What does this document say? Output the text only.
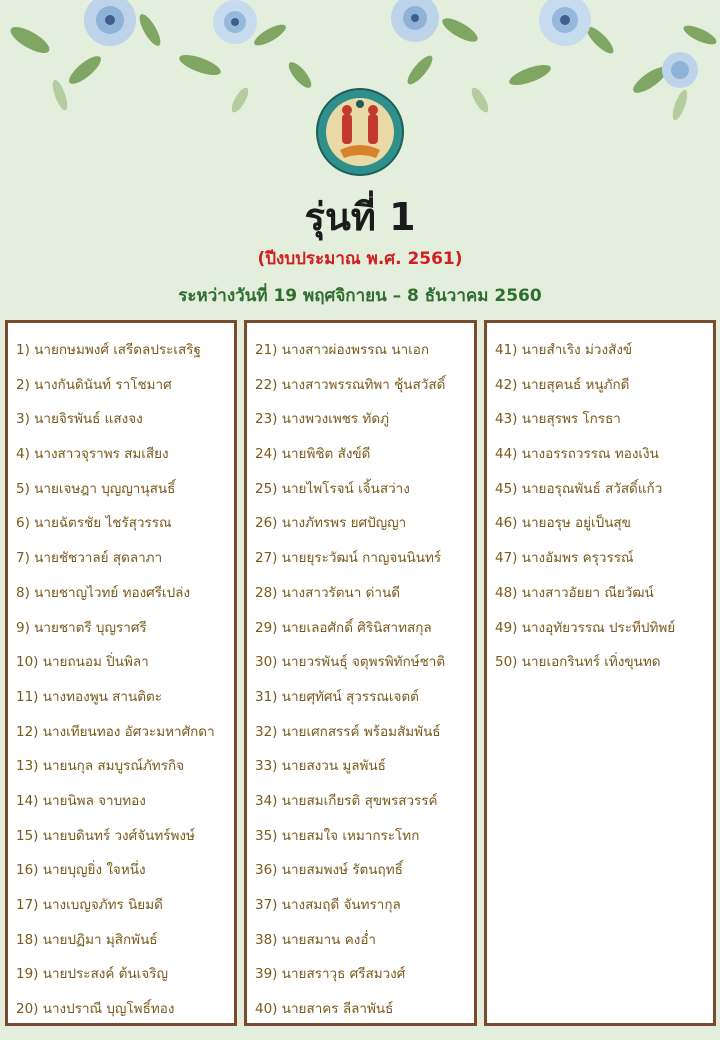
รุ่นที่ 1
(ปีงบประมาณ พ.ศ. 2561)
ระหว่างวันที่ 19 พฤศจิกายน – 8 ธันวาคม 2560
1) นายกษมพงศ์ เสรีดลประเสริฐ
2) นางกันดินันท์ ราโชมาศ
3) นายจิรพันธ์ แสงจง
4) นางสาวจุราพร สมเสียง
5) นายเจษฎา บุญญานุสนธิ์
6) นายฉัตรชัย ไชรัสุวรรณ
7) นายชัชวาลย์ สุดลาภา
8) นายชาญไวทย์ ทองศรีเปล่ง
9) นายชาตรี บุญราศรี
10) นายถนอม ปิ่นพิลา
11) นางทองพูน สานติตะ
12) นางเทียนทอง อัศวะมหาศักดา
13) นายนกุล สมบูรณ์ภัทรกิจ
14) นายนิพล จาบทอง
15) นายบดินทร์ วงศ์จันทร์พงษ์
16) นายบุญยิ่ง ใจหนึ่ง
17) นางเบญจภัทร นิยมดี
18) นายปฏิมา มุสิกพันธ์
19) นายประสงค์ ต้นเจริญ
20) นางปราณี บุญโพธิ์ทอง
21) นางสาวผ่องพรรณ นาเอก
22) นางสาวพรรณทิพา ชุ้นสวัสดิ์
23) นางพวงเพชร ทัดภู่
24) นายพิชิต สังข์ดี
25) นายไพโรจน์ เจิ้นสว่าง
26) นางภัทรพร ยศปัญญา
27) นายยุระวัฒน์ กาญจนนินทร์
28) นางสาวรัตนา ด่านดี
29) นายเลอศักดิ์ ศิรินิสาทสกุล
30) นายวรพันธุ์ จตุพรพิทักษ์ชาติ
31) นายศุทัศน์ สุวรรณเจตต์
32) นายเศกสรรค์ พร้อมสัมพันธ์
33) นายสงวน มูลพันธ์
34) นายสมเกียรติ สุขพรสวรรค์
35) นายสมใจ เหมากระโทก
36) นายสมพงษ์ รัตนฤทธิ์
37) นางสมฤดี จันทรากุล
38) นายสมาน คงอ่ำ
39) นายสราวุธ ศรีสมวงศ์
40) นายสาคร ลีลาพันธ์
41) นายสำเริง ม่วงสังข์
42) นายสุคนธ์ หนูภักดี
43) นายสุรพร โกรธา
44) นางอรรถวรรณ ทองเงิน
45) นายอรุณพันธ์ สวัสดิ์แก้ว
46) นายอรุษ อยู่เป็นสุข
47) นางอัมพร ครุวรรณ์
48) นางสาวอัยยา ณียวัฒน์
49) นางอุทัยวรรณ ประทีปทิพย์
50) นายเอกรินทร์ เทิ่งขุนทด
